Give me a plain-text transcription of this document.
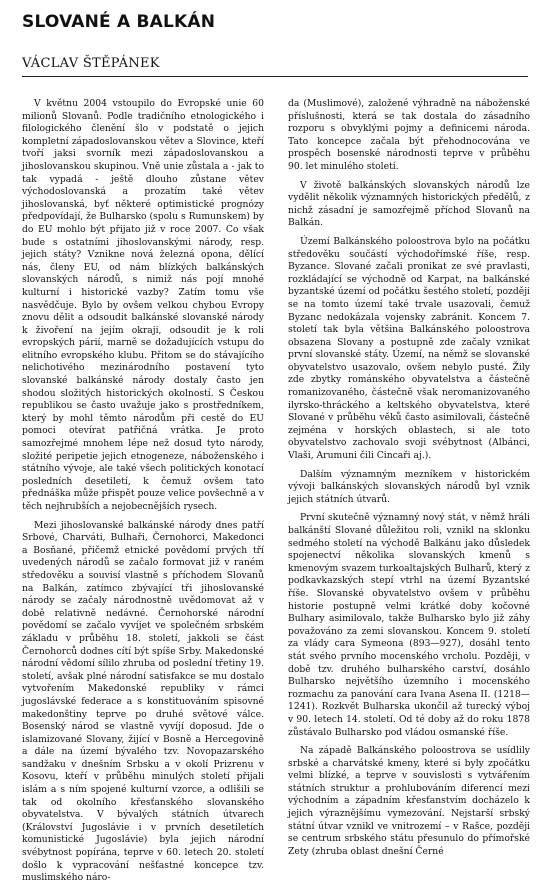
SLOVANÉ A BALKÁN
VÁCLAV ŠTĚPÁNEK

V květnu 2004 vstoupilo do Evropské unie 60 milionů Slovanů. Podle tradičního etnologického i filologického členění šlo v podstatě o jejich kompletní západoslovanskou větev a Slovince, kteří tvoří jaksi svorník mezi západoslovanskou a jihoslovanskou skupinou. Vně unie zůstala a - jak to tak vypadá - ještě dlouho zůstane větev východoslovanská a prozatím také větev jihoslovanská, byť některé optimistické prognózy předpovídají, že Bulharsko (spolu s Rumunskem) by do EU mohlo být přijato již v roce 2007. Co však bude s ostatními jihoslovanskými národy, resp. jejich státy? Vznikne nová železná opona, dělící nás, členy EU, od nám blízkých balkánských slovanských národů, s nimiž nás pojí mnohé kulturní i historické vazby? Zatím tomu vše nasvědčuje. Bylo by ovšem velkou chybou Evropy znovu dělit a odsoudit balkánské slovanské národy k živoření na jejím okraji, odsoudit je k roli evropských párií, marně se dožadujících vstupu do elitního evropského klubu. Přitom se do stávajícího nelichotivého mezinárodního postavení tyto slovanské balkánské národy dostaly často jen shodou složitých historických okolností. S Českou republikou se často uvažuje jako s prostředníkem, který by mohl těmto národům při cestě do EU pomoci otevírat patřičná vrátka. Je proto samozřejmé mnohem lépe než dosud tyto národy, složité peripetie jejich etnogeneze, náboženského i státního vývoje, ale také všech politických konotací posledních desetiletí, k čemuž ovšem tato přednáška může přispět pouze velice povšechně a v těch nejhrubších a nejobecnějších rysech.

Mezi jihoslovanské balkánské národy dnes patří Srbové, Charváti, Bulhaři, Černohorci, Makedonci a Bosňané, přičemž etnické povědomí prvých tří uvedených národů se začalo formovat již v raném středověku a souvisí vlastně s příchodem Slovanů na Balkán, zatímco zbývající tři jihoslovanské národy se začaly národnostně uvědomovat až v době relativně nedávné. Černohorské národní povědomí se začalo vyvíjet ve společném srbském základu v průběhu 18. století, jakkoli se část Černohorců dodnes cítí být spíše Srby. Makedonské národní vědomí sílilo zhruba od poslední třetiny 19. století, avšak plné národní satisfakce se mu dostalo vytvořením Makedonské republiky v rámci jugoslávské federace a s konstituováním spisovné makedonštiny teprve po druhé světové válce. Bosenský národ se vlastně vyvíjí doposud. Jde o islamizované Slovany, žijící v Bosně a Hercegovině a dále na území bývalého tzv. Novopazarského sandžaku v dnešním Srbsku a v okolí Prizrenu v Kosovu, kteří v průběhu minulých století přijali islám a s ním spojené kulturní vzorce, a odlišili se tak od okolního křesťanského slovanského obyvatelstva. V bývalých státních útvarech (Království Jugoslávie i v prvních desetiletích komunistické Jugoslávie) byla jejich národní svébytnost popírána, teprve v 60. letech 20. století došlo k vypracování nešťastné koncepce tzv. muslimského náro-

da (Muslimové), založené výhradně na náboženské příslušnosti, která se tak dostala do zásadního rozporu s obvyklými pojmy a definicemi národa. Tato koncepce začala být přehodnocována ve prospěch bosenské národnosti teprve v průběhu 90. let minulého století.

V životě balkánských slovanských národů lze vydělit několik významných historických předělů, z nichž zásadní je samozřejmě příchod Slovanů na Balkán.

Území Balkánského poloostrova bylo na počátku středověku součástí východořímské říše, resp. Byzance. Slované začali pronikat ze své pravlasti, rozkládající se východně od Karpat, na balkánské byzantské území od počátku šestého století, později se na tomto území také trvale usazovali, čemuž Byzanc nedokázala vojensky zabránit. Koncem 7. století tak byla většina Balkánského poloostrova obsazena Slovany a postupně zde začaly vznikat první slovanské státy. Území, na němž se slovanské obyvatelstvo usazovalo, ovšem nebylo pusté. Žily zde zbytky románského obyvatelstva a částečně romanizovaného, částečně však neromanizovaného ilyrsko-thráckého a keltského obyvatelstva, které Slované v průběhu věků často asimilovali, částečně zejména v horských oblastech, si ale toto obyvatelstvo zachovalo svoji svébytnost (Albánci, Vlaši, Arumuni čili Cincaři aj.).

Dalším významným mezníkem v historickém vývoji balkánských slovanských národů byl vznik jejich státních útvarů.

První skutečně významný nový stát, v němž hráli balkánští Slované důležitou roli, vznikl na sklonku sedmého století na východě Balkánu jako důsledek spojenectví několika slovanských kmenů s kmenovým svazem turkoaltajských Bulharů, který z podkavkazských stepí vtrhl na území Byzantské říše. Slovanské obyvatelstvo ovšem v průběhu historie postupně velmi krátké doby kočovné Bulhary asimilovalo, takže Bulharsko bylo již záhy považováno za zemi slovanskou. Koncem 9. století za vlády cara Symeona (893—927), dosáhl tento stát svého prvního mocenského vrcholu. Později, v době tzv. druhého bulharského carství, dosáhlo Bulharsko největšího územního i mocenského rozmachu za panování cara Ivana Asena II. (1218—1241). Rozkvět Bulharska ukončil až turecký výboj v 90. letech 14. století. Od té doby až do roku 1878 zůstávalo Bulharsko pod vládou osmanské říše.

Na západě Balkánského poloostrova se usídlily srbské a charvátské kmeny, které si byly zpočátku velmi blízké, a teprve v souvislosti s vytvářením státních struktur a prohlubováním diferencí mezi východním a západním křesťanstvím docházelo k jejich výraznějšímu vymezování. Nejstarší srbský státní útvar vznikl ve vnitrozemí – v Rašce, později se centrum srbského státu přesunulo do přímořské Zety (zhruba oblast dnešní Černé
